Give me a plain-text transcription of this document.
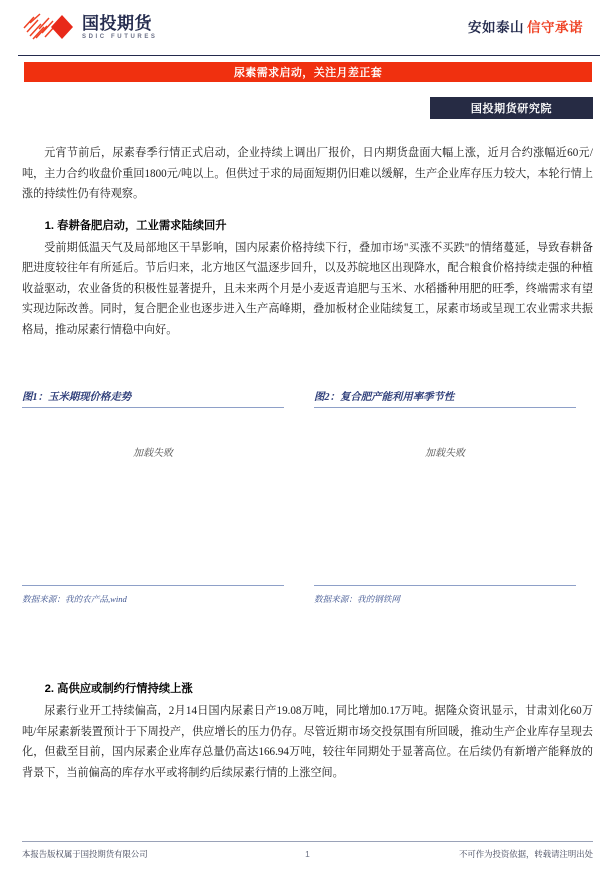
国投期货
SDIC FUTURES
安如泰山 信守承诺
尿素需求启动，关注月差正套
国投期货研究院

元宵节前后，尿素春季行情正式启动，企业持续上调出厂报价，日内期货盘面大幅上涨，近月合约涨幅近60元/吨，主力合约收盘价重回1800元/吨以上。但供过于求的局面短期仍旧难以缓解，生产企业库存压力较大，本轮行情上涨的持续性仍有待观察。

1. 春耕备肥启动，工业需求陆续回升

受前期低温天气及局部地区干旱影响，国内尿素价格持续下行，叠加市场"买涨不买跌"的情绪蔓延，导致春耕备肥进度较往年有所延后。节后归来，北方地区气温逐步回升，以及苏皖地区出现降水，配合粮食价格持续走强的种植收益驱动，农业备货的积极性显著提升，且未来两个月是小麦返青追肥与玉米、水稻播种用肥的旺季，终端需求有望实现边际改善。同时，复合肥企业也逐步进入生产高峰期，叠加板材企业陆续复工，尿素市场或呈现工农业需求共振格局，推动尿素行情稳中向好。

图1：玉米期现价格走势
加载失败
数据来源：我的农产品,wind
图2：复合肥产能利用率季节性
加载失败
数据来源：我的钢铁网
2. 高供应或制约行情持续上涨

尿素行业开工持续偏高，2月14日国内尿素日产19.08万吨，同比增加0.17万吨。据隆众资讯显示，甘肃刘化60万吨/年尿素新装置预计于下周投产，供应增长的压力仍存。尽管近期市场交投氛围有所回暖，推动生产企业库存呈现去化，但截至目前，国内尿素企业库存总量仍高达166.94万吨，较往年同期处于显著高位。在后续仍有新增产能释放的背景下，当前偏高的库存水平或将制约后续尿素行情的上涨空间。

本报告版权属于国投期货有限公司	1	不可作为投资依据，转载请注明出处
